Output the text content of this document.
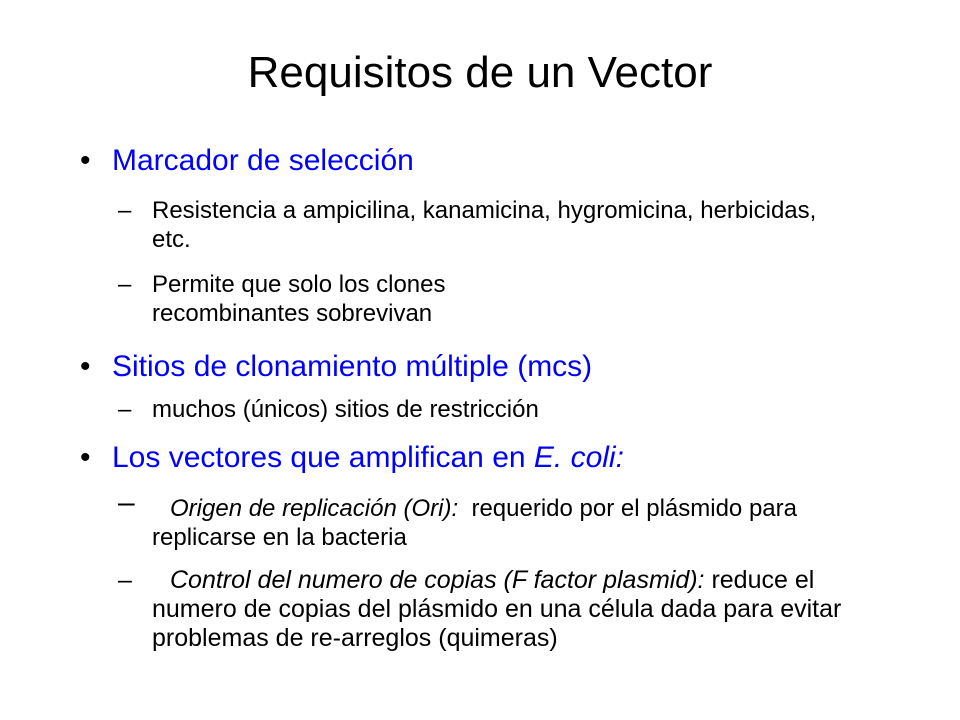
Requisitos de un Vector
• Marcador de selección
– Resistencia a ampicilina, kanamicina, hygromicina, herbicidas, etc.
– Permite que solo los clones recombinantes sobrevivan
• Sitios de clonamiento múltiple (mcs)
– muchos (únicos) sitios de restricción
• Los vectores que amplifican en E. coli:
–	Origen de replicación (Ori): requerido por el plásmido para replicarse en la bacteria
–	Control del numero de copias (F factor plasmid): reduce el numero de copias del plásmido en una célula dada para evitar problemas de re-arreglos (quimeras)
